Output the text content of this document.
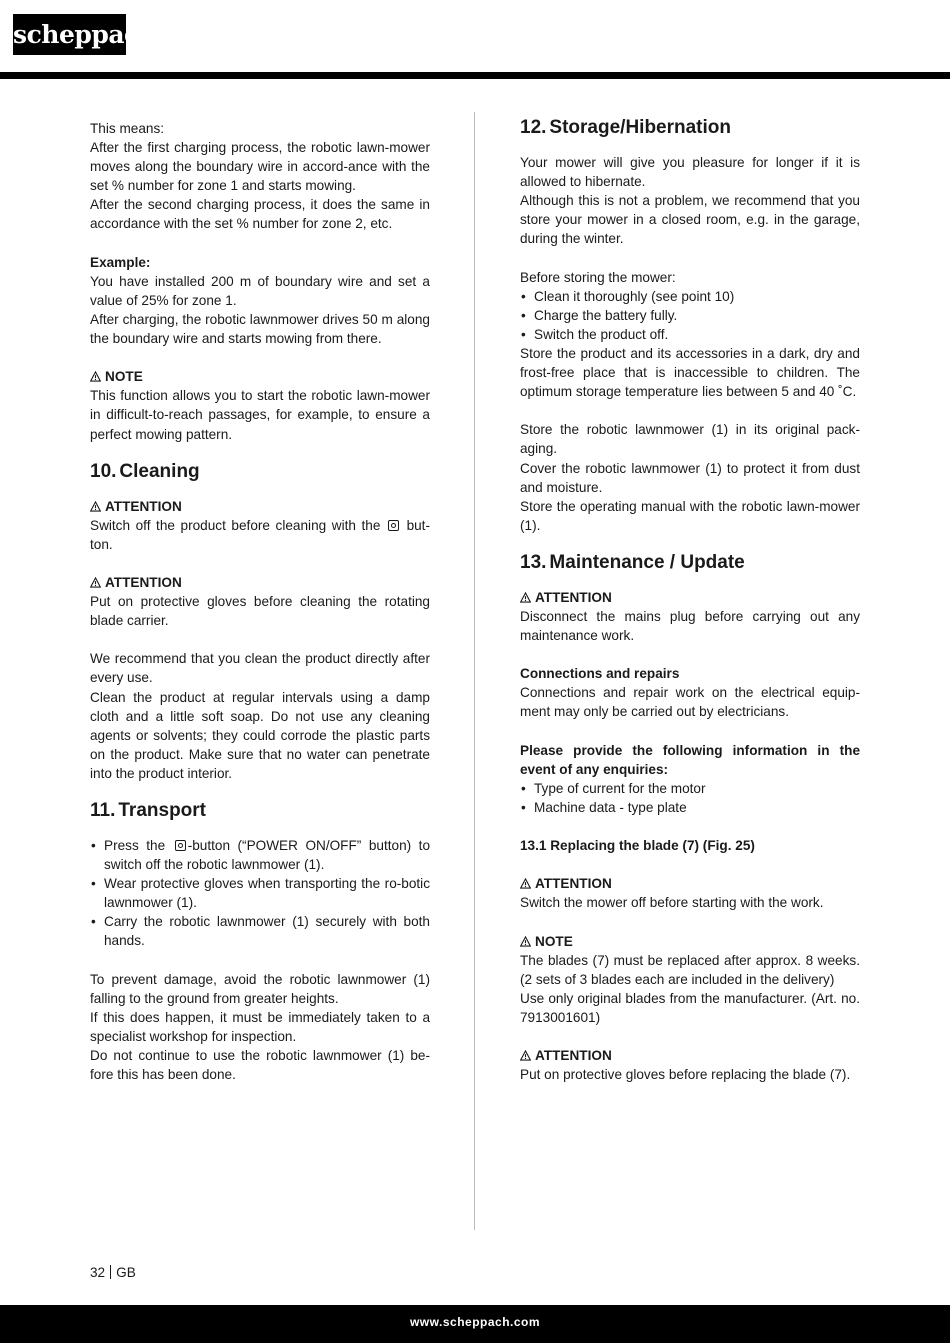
scheppach

This means:

After the first charging process, the robotic lawn-mower moves along the boundary wire in accord-ance with the set % number for zone 1 and starts mowing.

After the second charging process, it does the same in accordance with the set % number for zone 2, etc.

Example:

You have installed 200 m of boundary wire and set a value of 25% for zone 1.

After charging, the robotic lawnmower drives 50 m along the boundary wire and starts mowing from there.

NOTE

This function allows you to start the robotic lawn-mower in difficult-to-reach passages, for example, to ensure a perfect mowing pattern.

10. Cleaning

ATTENTION

Switch off the product before cleaning with the but-ton.

ATTENTION

Put on protective gloves before cleaning the rotating blade carrier.

We recommend that you clean the product directly after every use.

Clean the product at regular intervals using a damp cloth and a little soft soap. Do not use any cleaning agents or solvents; they could corrode the plastic parts on the product. Make sure that no water can penetrate into the product interior.

11. Transport
• Press the -button (“POWER ON/OFF” button) to switch off the robotic lawnmower (1).
• Wear protective gloves when transporting the ro-botic lawnmower (1).
• Carry the robotic lawnmower (1) securely with both hands.

To prevent damage, avoid the robotic lawnmower (1) falling to the ground from greater heights.

If this does happen, it must be immediately taken to a specialist workshop for inspection.

Do not continue to use the robotic lawnmower (1) be-fore this has been done.

12. Storage/Hibernation

Your mower will give you pleasure for longer if it is allowed to hibernate.

Although this is not a problem, we recommend that you store your mower in a closed room, e.g. in the garage, during the winter.

Before storing the mower:

• Clean it thoroughly (see point 10)
• Charge the battery fully.
• Switch the product off.

Store the product and its accessories in a dark, dry and frost-free place that is inaccessible to children. The optimum storage temperature lies between 5 and 40 ˚C.

Store the robotic lawnmower (1) in its original pack-aging.

Cover the robotic lawnmower (1) to protect it from dust and moisture.

Store the operating manual with the robotic lawn-mower (1).

13. Maintenance / Update

ATTENTION

Disconnect the mains plug before carrying out any maintenance work.

Connections and repairs

Connections and repair work on the electrical equip-ment may only be carried out by electricians.

Please provide the following information in the event of any enquiries:

• Type of current for the motor
• Machine data - type plate

13.1 Replacing the blade (7) (Fig. 25)

ATTENTION

Switch the mower off before starting with the work.

NOTE

The blades (7) must be replaced after approx. 8 weeks. (2 sets of 3 blades each are included in the delivery)

Use only original blades from the manufacturer. (Art. no. 7913001601)

ATTENTION

Put on protective gloves before replacing the blade (7).

32 GB
www.scheppach.com
